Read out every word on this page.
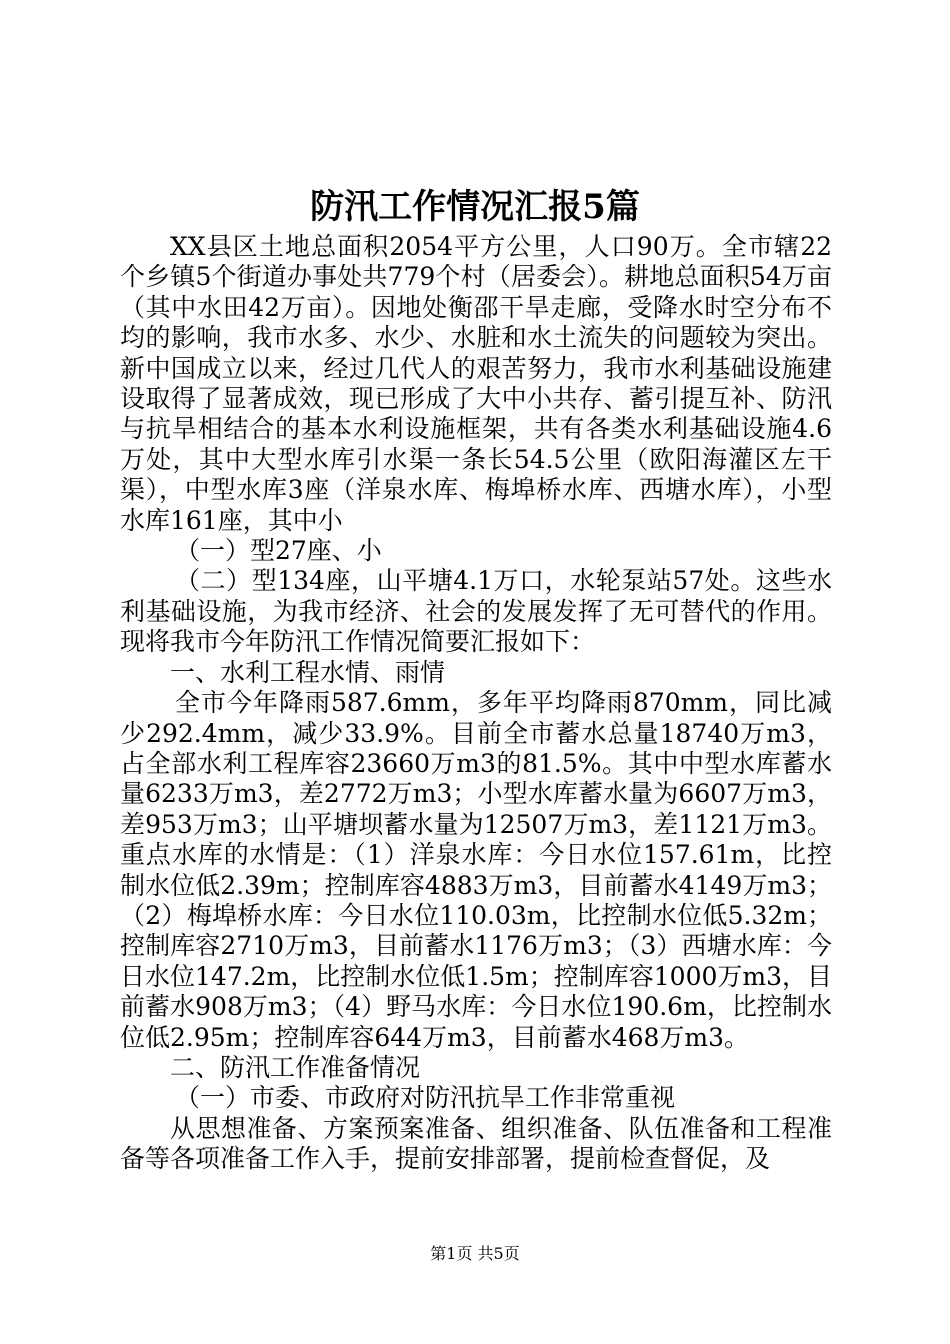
防汛工作情况汇报5篇

XX县区土地总面积2054平方公里，人口90万。全市辖22个乡镇5个街道办事处共779个村（居委会）。耕地总面积54万亩（其中水田42万亩）。因地处衡邵干旱走廊，受降水时空分布不均的影响，我市水多、水少、水脏和水土流失的问题较为突出。新中国成立以来，经过几代人的艰苦努力，我市水利基础设施建设取得了显著成效，现已形成了大中小共存、蓄引提互补、防汛与抗旱相结合的基本水利设施框架，共有各类水利基础设施4.6万处，其中大型水库引水渠一条长54.5公里（欧阳海灌区左干渠），中型水库3座（洋泉水库、梅埠桥水库、西塘水库），小型水库161座，其中小

（一）型27座、小

（二）型134座，山平塘4.1万口，水轮泵站57处。这些水利基础设施，为我市经济、社会的发展发挥了无可替代的作用。现将我市今年防汛工作情况简要汇报如下：

一、水利工程水情、雨情

全市今年降雨587.6mm，多年平均降雨870mm，同比减少292.4mm，减少33.9%。目前全市蓄水总量18740万m3，占全部水利工程库容23660万m3的81.5%。其中中型水库蓄水量6233万m3，差2772万m3；小型水库蓄水量为6607万m3，差953万m3；山平塘坝蓄水量为12507万m3，差1121万m3。重点水库的水情是：（1）洋泉水库：今日水位157.61m，比控制水位低2.39m；控制库容4883万m3，目前蓄水4149万m3；（2）梅埠桥水库：今日水位110.03m，比控制水位低5.32m；控制库容2710万m3，目前蓄水1176万m3；（3）西塘水库：今日水位147.2m，比控制水位低1.5m；控制库容1000万m3，目前蓄水908万m3；（4）野马水库：今日水位190.6m，比控制水位低2.95m；控制库容644万m3，目前蓄水468万m3。

二、防汛工作准备情况

（一）市委、市政府对防汛抗旱工作非常重视

从思想准备、方案预案准备、组织准备、队伍准备和工程准备等各项准备工作入手，提前安排部署，提前检查督促，及

第1页 共5页
